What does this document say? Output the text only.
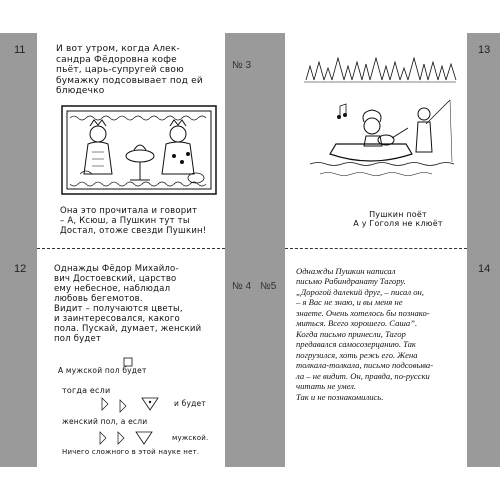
11	13
12	14
№ 3
№ 4 №5
И вот утром, когда Алек-
сандра Фёдоровна кофе
пьёт, царь-супругей свою
бумажку подсовывает под ей
блюдечко
Она это прочитала и говорит
– А, Ксюш, а Пушкин тут ты
Достал, отоже свезди Пушкин!
Пушкин поёт
А у Гоголя не клюёт
Однажды Фёдор Михайло-
вич Достоевский, царство
ему небесное, наблюдал
любовь бегемотов.
Видит – получаются цветы,
и заинтересовался, какого
пола. Пускай, думает, женский
пол будет
А мужской пол будет
тогда если
и будет
женский пол, а если
мужской.
Ничего сложного в этой науке нет.
Однажды Пушкин написал
письмо Рабиндранату Тагору.
„Дорогой далекий друг, – писал он,
– я Вас не знаю, и вы меня не
знаете. Очень хотелось бы познако-
миться. Всего хорошего. Саша”.
Когда письмо принесли, Тагор
предавался самосозерцанию. Так
погрузился, хоть режь его. Жена
толкала-толкала, письмо подсовыва-
ла – не видит. Он, правда, по-русски
читать не умел.
Так и не познакомились.
